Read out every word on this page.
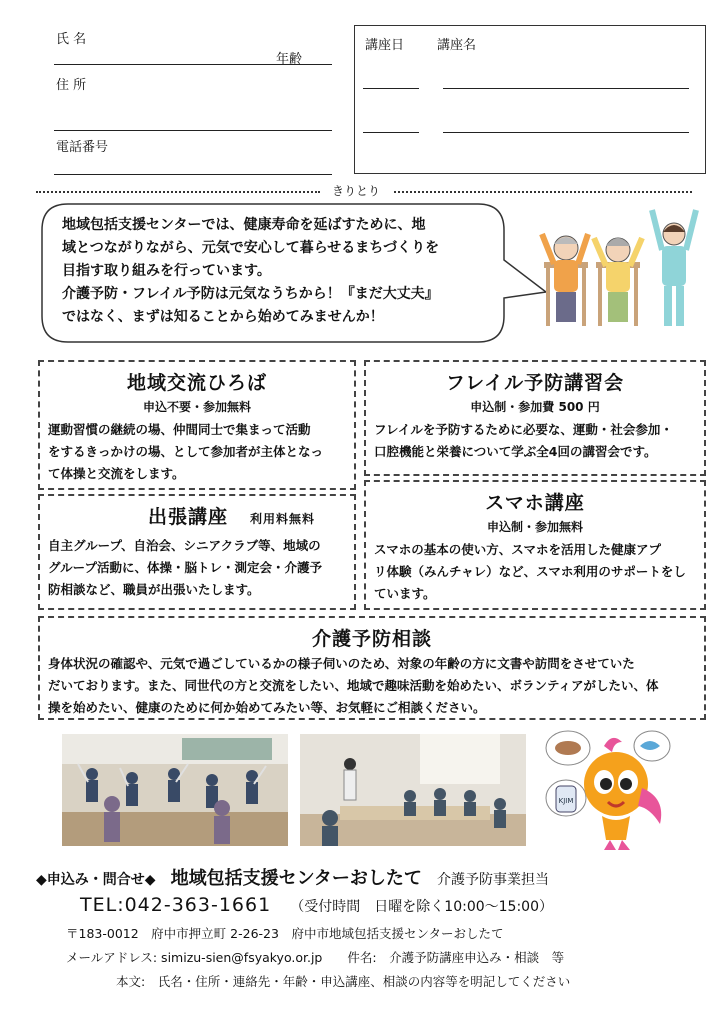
氏 名
年齢
住 所
電話番号
講座日	講座名
きりとり
地域包括支援センターでは、健康寿命を延ばすために、地
域とつながりながら、元気で安心して暮らせるまちづくりを
目指す取り組みを行っています。
介護予防・フレイル予防は元気なうちから！『まだ大丈夫』
ではなく、まずは知ることから始めてみませんか！
地域交流ひろば
申込不要・参加無料

運動習慣の継続の場、仲間同士で集まって活動

をするきっかけの場、として参加者が主体となっ

て体操と交流をします。

フレイル予防講習会
申込制・参加費 500 円

フレイルを予防するために必要な、運動・社会参加・

口腔機能と栄養について学ぶ全4回の講習会です。

出張講座 利用料無料

自主グループ、自治会、シニアクラブ等、地域の

グループ活動に、体操・脳トレ・測定会・介護予

防相談など、職員が出張いたします。

スマホ講座
申込制・参加無料

スマホの基本の使い方、スマホを活用した健康アプ

リ体験（みんチャレ）など、スマホ利用のサポートをし

ています。

介護予防相談

身体状況の確認や、元気で過ごしているかの様子伺いのため、対象の年齢の方に文書や訪問をさせていた

だいております。また、同世代の方と交流をしたい、地域で趣味活動を始めたい、ボランティアがしたい、体

操を始めたい、健康のために何か始めてみたい等、お気軽にご相談ください。

KJIM
◆申込み・問合せ◆ 地域包括支援センターおしたて 介護予防事業担当
TEL:042-363-1661 （受付時間　日曜を除く10:00～15:00）
〒183-0012　府中市押立町 2-26-23　府中市地域包括支援センターおしたて
メールアドレス: simizu-sien@fsyakyo.or.jp　　件名:　介護予防講座申込み・相談　等
本文:　氏名・住所・連絡先・年齢・申込講座、相談の内容等を明記してください
